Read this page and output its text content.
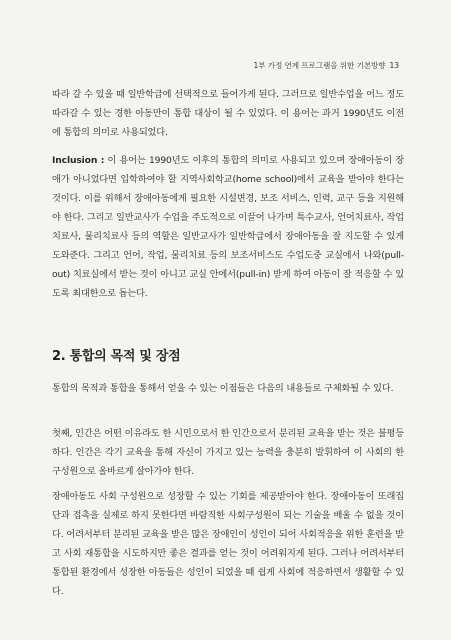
1부 가정 연계 프로그램을 위한 기본방향 13

따라 갈 수 있을 때 일반학급에 선택적으로 들어가게 된다. 그러므로 일반수업을 어느 정도 따라갈 수 있는 경한 아동만이 통합 대상이 될 수 있었다. 이 용어는 과거 1990년도 이전에 통합의 의미로 사용되었다.

Inclusion : 이 용어는 1990년도 이후의 통합의 의미로 사용되고 있으며 장애아동이 장애가 아니었다면 입학하여야 할 지역사회학교(home school)에서 교육을 받아야 한다는 것이다. 이를 위해서 장애아동에게 필요한 시설변경, 보조 서비스, 인력, 교구 등을 지원해야 한다. 그리고 일반교사가 수업을 주도적으로 이끌어 나가며 특수교사, 언어치료사, 작업치료사, 물리치료사 등의 역할은 일반교사가 일반학급에서 장애아동을 잘 지도할 수 있게 도와준다. 그리고 언어, 작업, 물리치료 등의 보조서비스도 수업도중 교실에서 나와(pull-out) 치료실에서 받는 것이 아니고 교실 안에서(pull-in) 받게 하여 아동이 잘 적응할 수 있도록 최대한으로 돕는다.

2. 통합의 목적 및 장점

통합의 목적과 통합을 통해서 얻을 수 있는 이점들은 다음의 내용들로 구체화될 수 있다.

첫째, 인간은 어떤 이유라도 한 시민으로서 한 인간으로서 분리된 교육을 받는 것은 불평등하다. 인간은 각기 교육을 통해 자신이 가지고 있는 능력을 충분히 발휘하여 이 사회의 한 구성원으로 올바르게 살아가야 한다.

장애아동도 사회 구성원으로 성장할 수 있는 기회를 제공받아야 한다. 장애아동이 또래집단과 접촉을 실제로 하지 못한다면 바람직한 사회구성원이 되는 기술을 배울 수 없을 것이다. 어려서부터 분리된 교육을 받은 많은 장애인이 성인이 되어 사회적응을 위한 훈련을 받고 사회 재통합을 시도하지만 좋은 결과를 얻는 것이 어려워지게 된다. 그러나 어려서부터 통합된 환경에서 성장한 아동들은 성인이 되었을 때 쉽게 사회에 적응하면서 생활할 수 있다.
